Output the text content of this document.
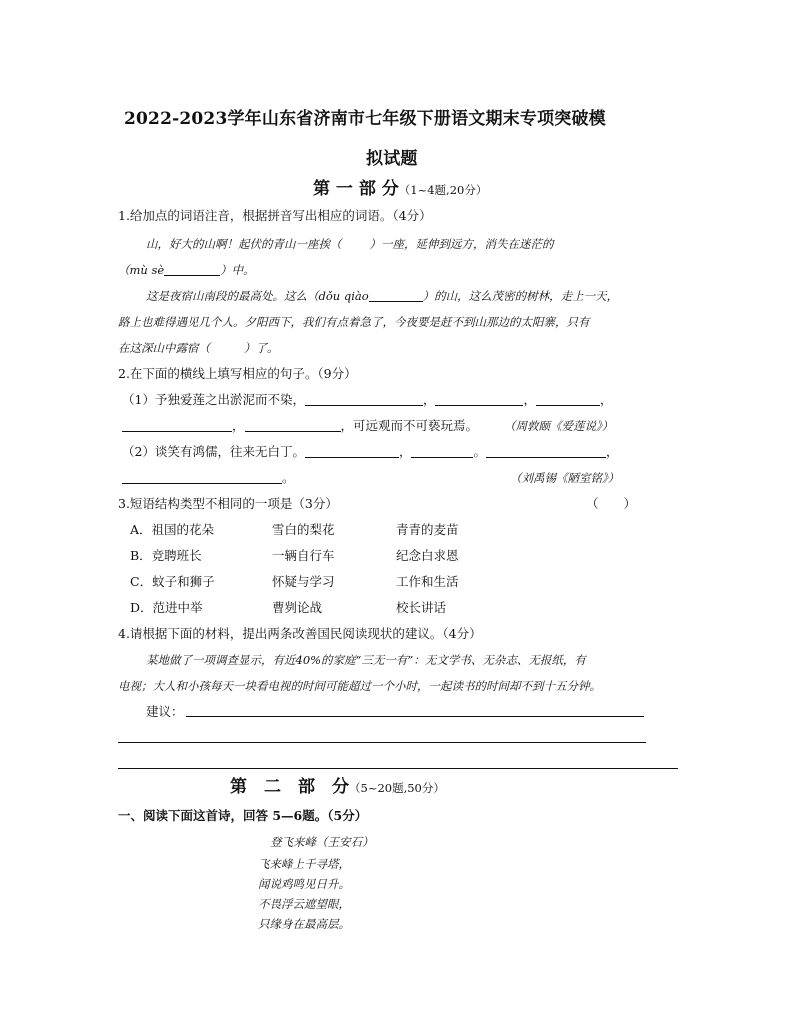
2022-2023学年山东省济南市七年级下册语文期末专项突破模
拟试题
第 一 部 分（1~4题,20分）
1.给加点的词语注音，根据拼音写出相应的词语。（4分）
山，好大的山啊！起伏的青山一座挨（ ）一座，延伸到远方，消失在迷茫的
（mù sè	）中。
这是夜宿山南段的最高处。这么（dǒu qiào	）的山，这么茂密的树林，走上一天，
路上也难得遇见几个人。夕阳西下，我们有点着急了，今夜要是赶不到山那边的太阳寨，只有
在这深山中露宿（	）了。
2.在下面的横线上填写相应的句子。（9分）
（1）予独爱莲之出淤泥而不染，	，	，	，
，	，可远观而不可亵玩焉。 （周敦颐《爱莲说》）
（2）谈笑有鸿儒，往来无白丁。	，	。	，
。	（刘禹锡《陋室铭》）
3.短语结构类型不相同的一项是（3分）	（　　）
A．祖国的花朵	雪白的梨花	青青的麦苗
B．竞聘班长	一辆自行车	纪念白求恩
C．蚊子和狮子	怀疑与学习	工作和生活
D．范进中举	曹刿论战	校长讲话
4.请根据下面的材料，提出两条改善国民阅读现状的建议。（4分）
某地做了一项调查显示，有近40%的家庭“三无一有”：无文学书、无杂志、无报纸，有
电视；大人和小孩每天一块看电视的时间可能超过一个小时，一起读书的时间却不到十五分钟。
建议：
第　二　部　分（5~20题,50分）
一、阅读下面这首诗，回答 5—6题。（5分）
登飞来峰（王安石）
飞来峰上千寻塔，
闻说鸡鸣见日升。
不畏浮云遮望眼，
只缘身在最高层。
